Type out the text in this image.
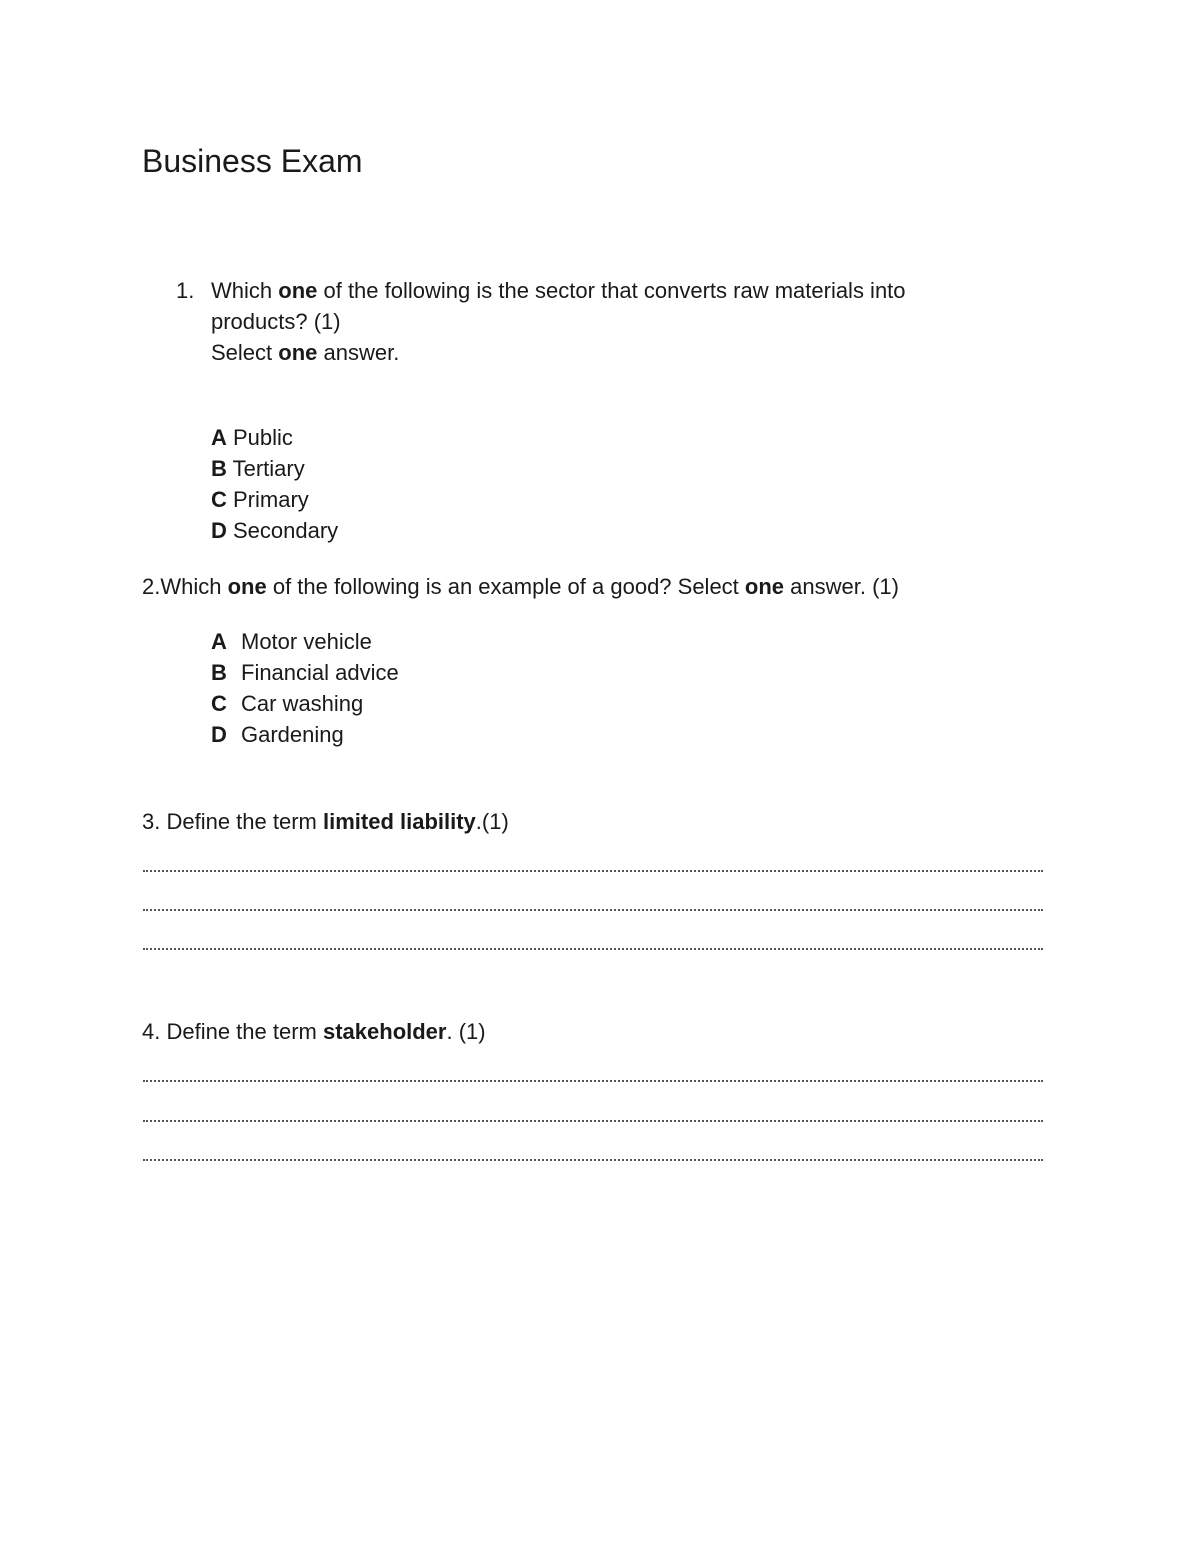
Business Exam
1. Which one of the following is the sector that converts raw materials into products? (1)
Select one answer.

A Public
B Tertiary
C Primary
D Secondary

2.Which one of the following is an example of a good? Select one answer. (1)

A Motor vehicle
B Financial advice
C Car washing
D Gardening

3. Define the term limited liability.(1)

4. Define the term stakeholder. (1)
